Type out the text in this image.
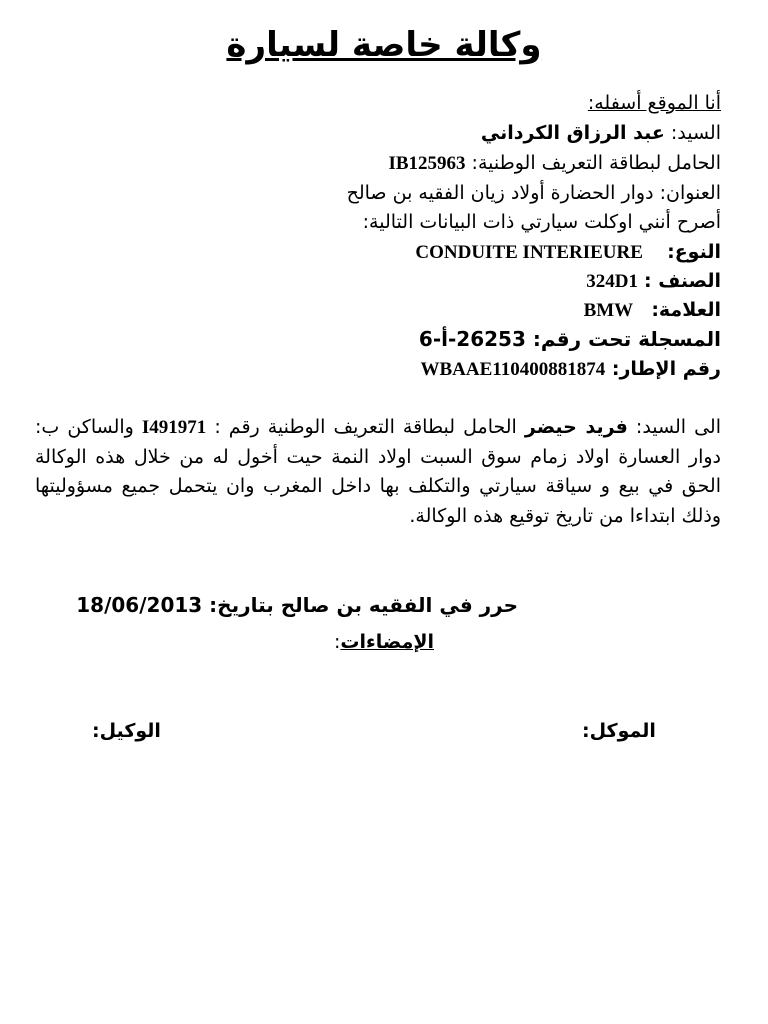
وكالة خاصة لسيارة
أنا الموقع أسفله:
السيد: عبد الرزاق الكرداني
الحامل لبطاقة التعريف الوطنية: IB125963
العنوان: دوار الحضارة أولاد زيان الفقيه بن صالح
أصرح أنني اوكلت سيارتي ذات البيانات التالية:
النوع:    CONDUITE INTERIEURE
الصنف : 324D1
العلامة:   BMW
المسجلة تحت رقم: 26253-أ-6
رقم الإطار: WBAAE110400881874
الى السيد: فريد حيضر الحامل لبطاقة التعريف الوطنية رقم : I491971 والساكن ب: دوار العسارة اولاد زمام سوق السبت اولاد النمة حيت أخول له من خلال هذه الوكالة الحق في بيع و سياقة سيارتي والتكلف بها داخل المغرب وان يتحمل جميع مسؤوليتها وذلك ابتداءا من تاريخ توقيع هذه الوكالة.
حرر في الفقيه بن صالح بتاريخ: 18/06/2013
الإمضاءات:
الموكل:
الوكيل:
